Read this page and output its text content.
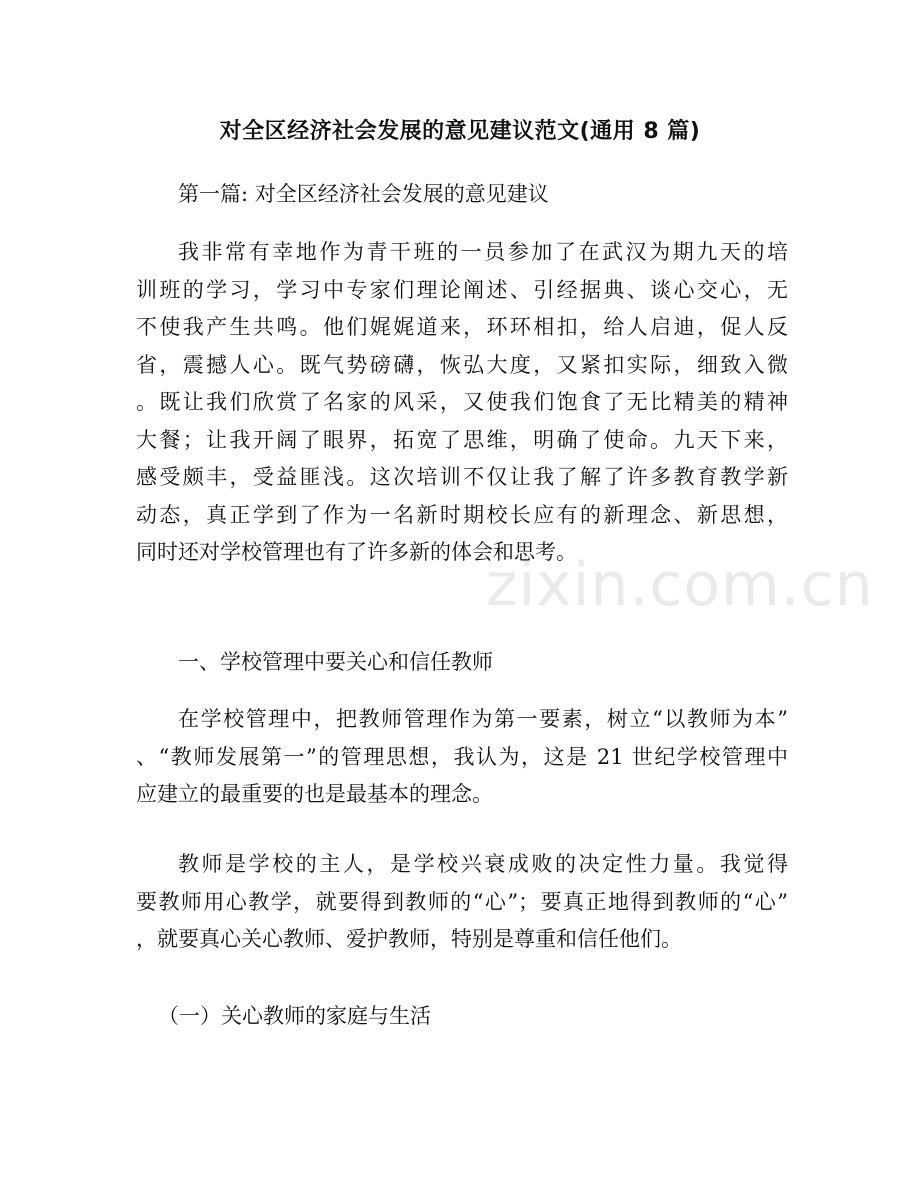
zixin.com.cn
对全区经济社会发展的意见建议范文(通用 8 篇)
第一篇: 对全区经济社会发展的意见建议
我非常有幸地作为青干班的一员参加了在武汉为期九天的培
训班的学习，学习中专家们理论阐述、引经据典、谈心交心，无
不使我产生共鸣。他们娓娓道来，环环相扣，给人启迪，促人反
省，震撼人心。既气势磅礴，恢弘大度，又紧扣实际，细致入微
。既让我们欣赏了名家的风采，又使我们饱食了无比精美的精神
大餐；让我开阔了眼界，拓宽了思维，明确了使命。九天下来，
感受颇丰，受益匪浅。这次培训不仅让我了解了许多教育教学新
动态，真正学到了作为一名新时期校长应有的新理念、新思想，
同时还对学校管理也有了许多新的体会和思考。
一、学校管理中要关心和信任教师
在学校管理中，把教师管理作为第一要素，树立“以教师为本”
、“教师发展第一”的管理思想，我认为，这是 21 世纪学校管理中
应建立的最重要的也是最基本的理念。
教师是学校的主人，是学校兴衰成败的决定性力量。我觉得
要教师用心教学，就要得到教师的“心”；要真正地得到教师的“心”
，就要真心关心教师、爱护教师，特别是尊重和信任他们。
（一）关心教师的家庭与生活
